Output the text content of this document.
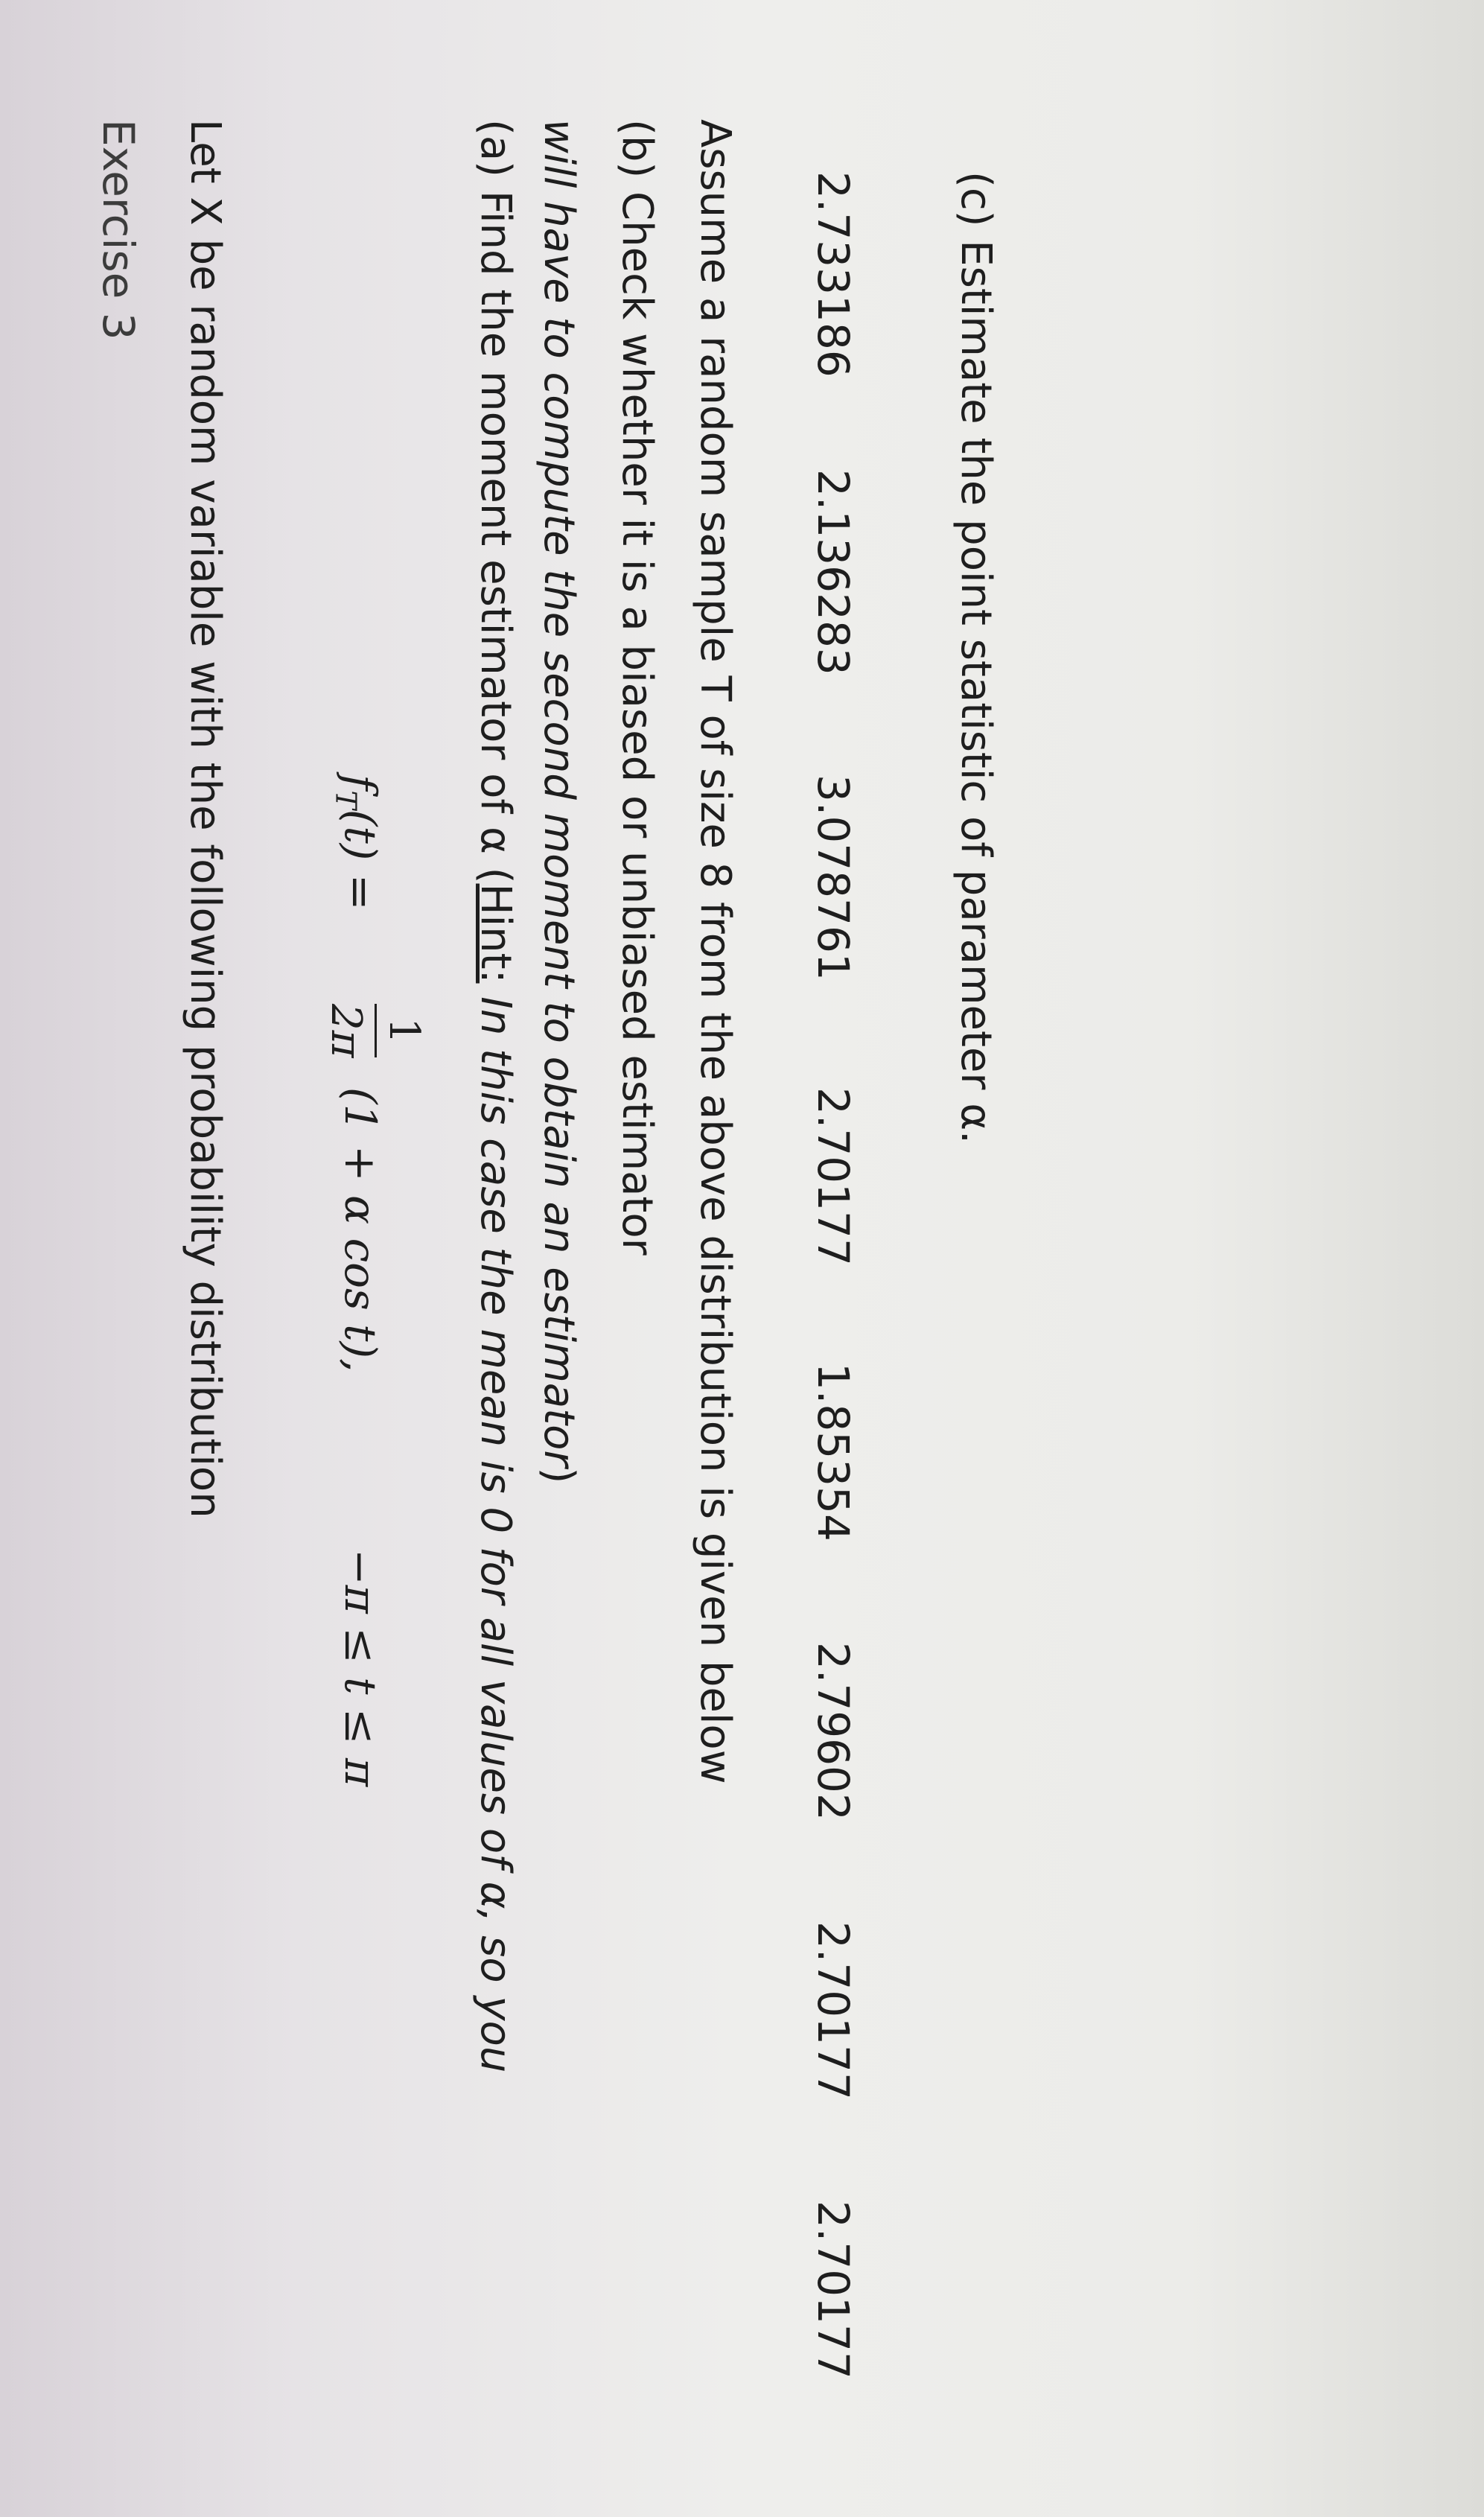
Exercise 3 Let X be random variable with the following probability distribution $f_T(t)$ =
1
2π
(1 + α cos t),
−π ≤ t ≤ π
(a) Find the moment estimator of α (Hint: In this case the mean is 0 for all values of α, so you
will have to compute the second moment to obtain an estimator)
(b) Check whether it is a biased or unbiased estimator Assume a random sample T of size 8 from the above distribution is given below 2.733186
2.136283
3.078761
2.70177
1.85354
2.79602
2.70177
2.70177
(c) Estimate the point statistic of parameter α.
